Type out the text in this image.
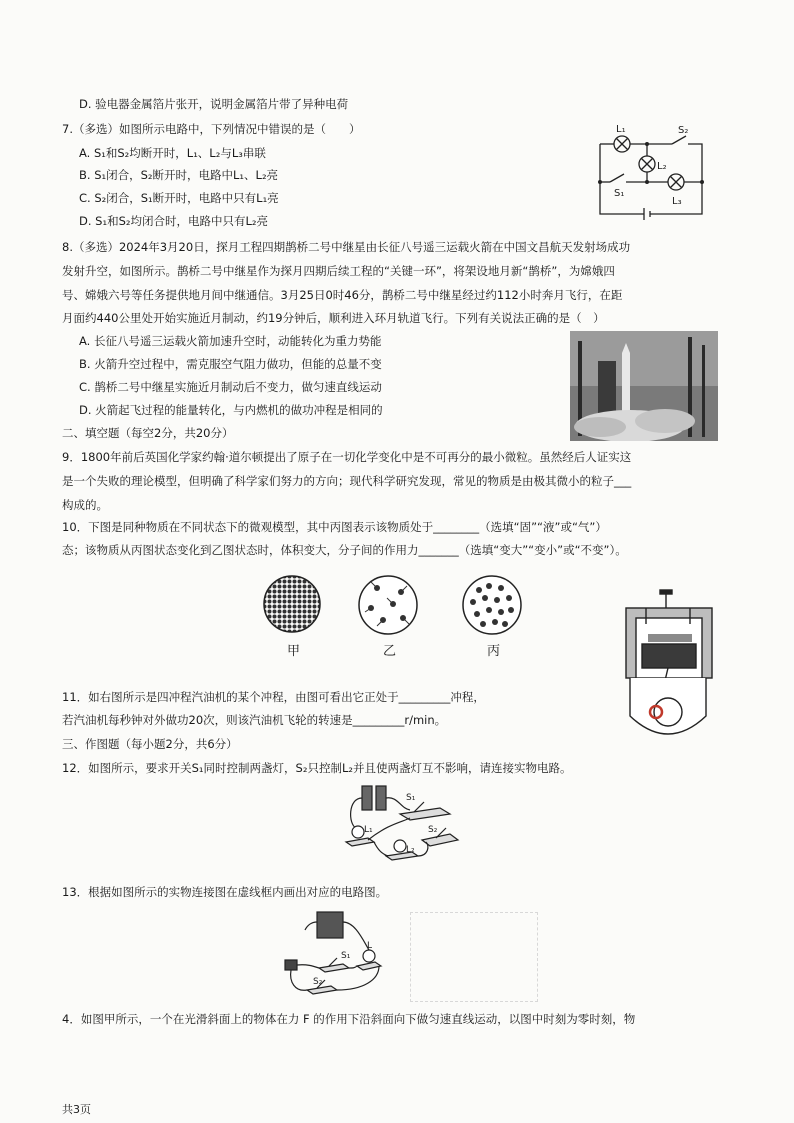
D. 验电器金属箔片张开，说明金属箔片带了异种电荷
7.（多选）如图所示电路中，下列情况中错误的是（　　）
A. S₁和S₂均断开时，L₁、L₂与L₃串联
B. S₁闭合，S₂断开时，电路中L₁、L₂亮
C. S₂闭合，S₁断开时，电路中只有L₁亮
D. S₁和S₂均闭合时，电路中只有L₂亮
L₁	S₂
L₂
S₁
L₃
8.（多选）2024年3月20日，探月工程四期鹊桥二号中继星由长征八号遥三运载火箭在中国文昌航天发射场成功
发射升空，如图所示。鹊桥二号中继星作为探月四期后续工程的“关键一环”，将架设地月新“鹊桥”，为嫦娥四
号、嫦娥六号等任务提供地月间中继通信。3月25日0时46分，鹊桥二号中继星经过约112小时奔月飞行，在距
月面约440公里处开始实施近月制动，约19分钟后，顺利进入环月轨道飞行。下列有关说法正确的是（　）
A. 长征八号遥三运载火箭加速升空时，动能转化为重力势能
B. 火箭升空过程中，需克服空气阻力做功，但能的总量不变
C. 鹊桥二号中继星实施近月制动后不变力，做匀速直线运动
D. 火箭起飞过程的能量转化，与内燃机的做功冲程是相同的
二、填空题（每空2分，共20分）
9．1800年前后英国化学家约翰·道尔顿提出了原子在一切化学变化中是不可再分的最小微粒。虽然经后人证实这
是一个失败的理论模型，但明确了科学家们努力的方向；现代科学研究发现，常见的物质是由极其微小的粒子___
构成的。
10．下图是同种物质在不同状态下的微观模型，其中丙图表示该物质处于________（选填“固”“液”或“气”）
态；该物质从丙图状态变化到乙图状态时，体积变大，分子间的作用力_______（选填“变大”“变小”或“不变”）。
甲	乙	丙
11．如右图所示是四冲程汽油机的某个冲程，由图可看出它正处于_________冲程，
若汽油机每秒钟对外做功20次，则该汽油机飞轮的转速是_________r/min。
三、作图题（每小题2分，共6分）
12．如图所示，要求开关S₁同时控制两盏灯，S₂只控制L₂并且使两盏灯互不影响，请连接实物电路。
S₁
S₂
L₁
L₂
13．根据如图所示的实物连接图在虚线框内画出对应的电路图。
S₁
L
S₂
4．如图甲所示，一个在光滑斜面上的物体在力 F 的作用下沿斜面向下做匀速直线运动，以图中时刻为零时刻，物
共3页
